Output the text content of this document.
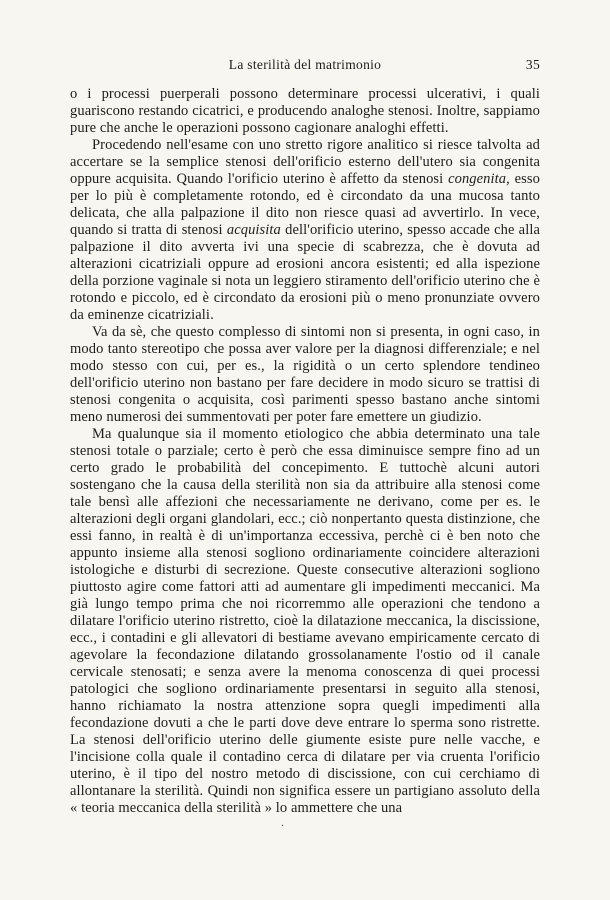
La sterilità del matrimonio	35

o i processi puerperali possono determinare processi ulcerativi, i quali guariscono restando cicatrici, e producendo analoghe stenosi. Inoltre, sappiamo pure che anche le operazioni possono cagionare analoghi effetti.

Procedendo nell'esame con uno stretto rigore analitico si riesce talvolta ad accertare se la semplice stenosi dell'orificio esterno dell'utero sia congenita oppure acquisita. Quando l'orificio uterino è affetto da stenosi congenita, esso per lo più è completamente rotondo, ed è circondato da una mucosa tanto delicata, che alla palpazione il dito non riesce quasi ad avvertirlo. In vece, quando si tratta di stenosi acquisita dell'orificio uterino, spesso accade che alla palpazione il dito avverta ivi una specie di scabrezza, che è dovuta ad alterazioni cicatriziali oppure ad erosioni ancora esistenti; ed alla ispezione della porzione vaginale si nota un leggiero stiramento dell'orificio uterino che è rotondo e piccolo, ed è circondato da erosioni più o meno pronunziate ovvero da eminenze cicatriziali.

Va da sè, che questo complesso di sintomi non si presenta, in ogni caso, in modo tanto stereotipo che possa aver valore per la diagnosi differenziale; e nel modo stesso con cui, per es., la rigidità o un certo splendore tendineo dell'orificio uterino non bastano per fare decidere in modo sicuro se trattisi di stenosi congenita o acquisita, così parimenti spesso bastano anche sintomi meno numerosi dei summentovati per poter fare emettere un giudizio.

Ma qualunque sia il momento etiologico che abbia determinato una tale stenosi totale o parziale; certo è però che essa diminuisce sempre fino ad un certo grado le probabilità del concepimento. E tuttochè alcuni autori sostengano che la causa della sterilità non sia da attribuire alla stenosi come tale bensì alle affezioni che necessariamente ne derivano, come per es. le alterazioni degli organi glandolari, ecc.; ciò nonpertanto questa distinzione, che essi fanno, in realtà è di un'importanza eccessiva, perchè ci è ben noto che appunto insieme alla stenosi sogliono ordinariamente coincidere alterazioni istologiche e disturbi di secrezione. Queste consecutive alterazioni sogliono piuttosto agire come fattori atti ad aumentare gli impedimenti meccanici. Ma già lungo tempo prima che noi ricorremmo alle operazioni che tendono a dilatare l'orificio uterino ristretto, cioè la dilatazione meccanica, la discissione, ecc., i contadini e gli allevatori di bestiame avevano empiricamente cercato di agevolare la fecondazione dilatando grossolanamente l'ostio od il canale cervicale stenosati; e senza avere la menoma conoscenza di quei processi patologici che sogliono ordinariamente presentarsi in seguito alla stenosi, hanno richiamato la nostra attenzione sopra quegli impedimenti alla fecondazione dovuti a che le parti dove deve entrare lo sperma sono ristrette. La stenosi dell'orificio uterino delle giumente esiste pure nelle vacche, e l'incisione colla quale il contadino cerca di dilatare per via cruenta l'orificio uterino, è il tipo del nostro metodo di discissione, con cui cerchiamo di allontanare la sterilità. Quindi non significa essere un partigiano assoluto della « teoria meccanica della sterilità » lo ammettere che una

.
